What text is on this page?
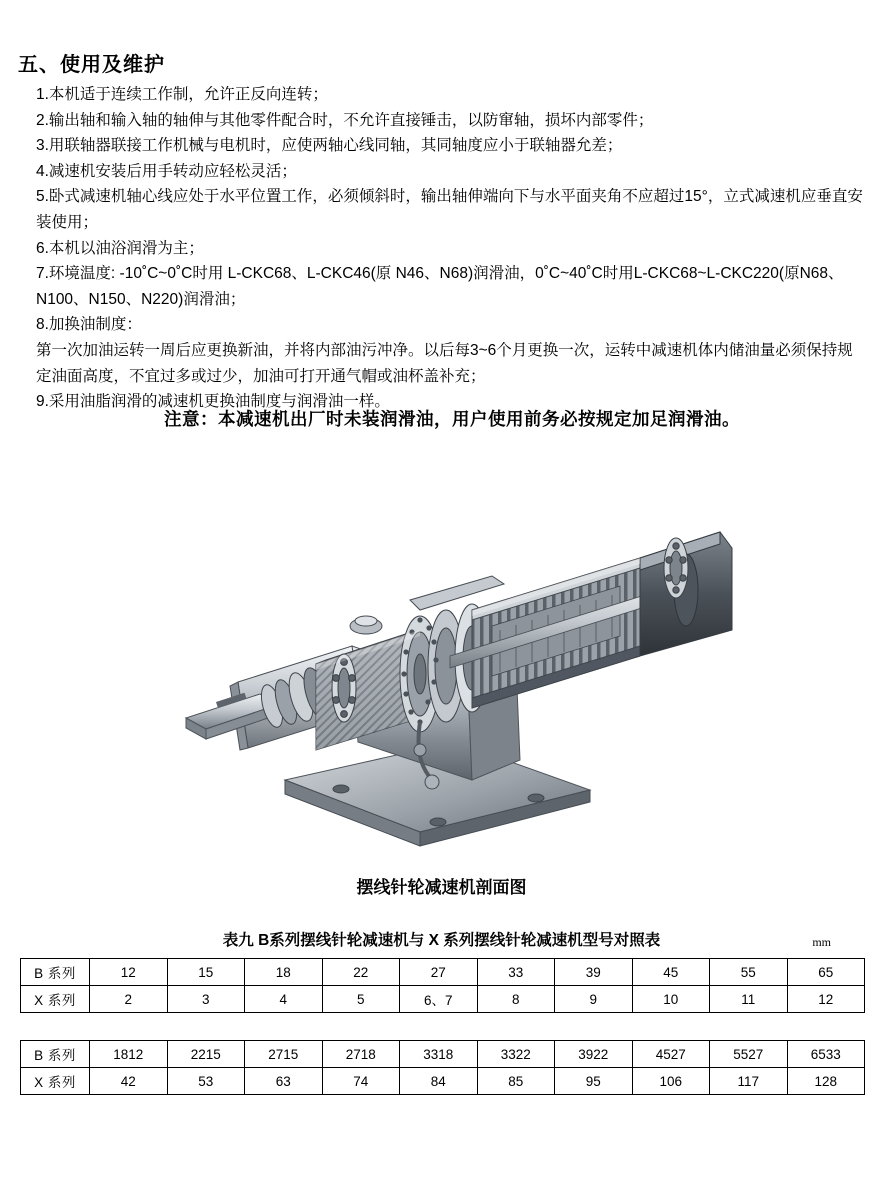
五、使用及维护

1.本机适于连续工作制，允许正反向连转；

2.输出轴和输入轴的轴伸与其他零件配合时，不允许直接锤击，以防窜轴，损坏内部零件；

3.用联轴器联接工作机械与电机时，应使两轴心线同轴，其同轴度应小于联轴器允差；

4.减速机安装后用手转动应轻松灵活；

5.卧式减速机轴心线应处于水平位置工作，必须倾斜时，输出轴伸端向下与水平面夹角不应超过15°，立式减速机应垂直安装使用；

6.本机以油浴润滑为主；

7.环境温度: -10˚C~0˚C时用 L-CKC68、L-CKC46(原 N46、N68)润滑油，0˚C~40˚C时用L-CKC68~L-CKC220(原N68、N100、N150、N220)润滑油；

8.加换油制度：

第一次加油运转一周后应更换新油，并将内部油污冲净。以后每3~6个月更换一次，运转中减速机体内储油量必须保持规定油面高度，不宜过多或过少，加油可打开通气帽或油杯盖补充；

9.采用油脂润滑的减速机更换油制度与润滑油一样。

注意：本减速机出厂时未装润滑油，用户使用前务必按规定加足润滑油。
摆线针轮减速机剖面图
表九 B系列摆线针轮减速机与 X 系列摆线针轮减速机型号对照表	mm
B 系列	12	15	18	22	27	33	39	45	55	65
X 系列	2	3	4	5	6、7	8	9	10	11	12
B 系列	1812	2215	2715	2718	3318	3322	3922	4527	5527	6533
X 系列	42	53	63	74	84	85	95	106	117	128
